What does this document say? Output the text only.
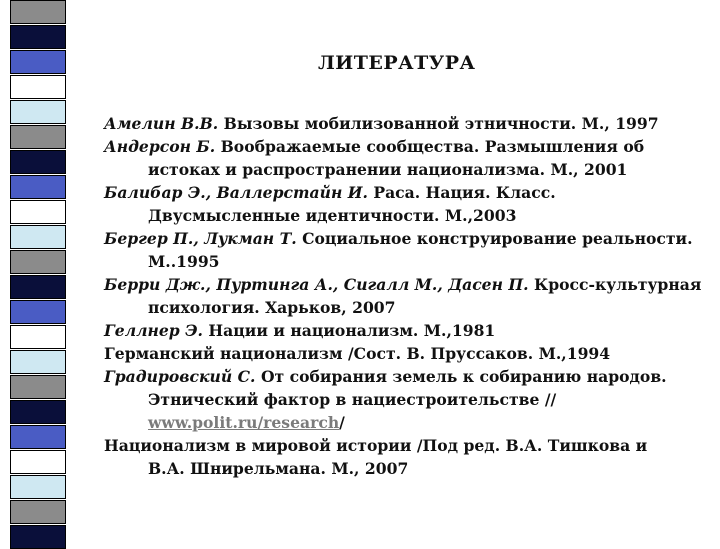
ЛИТЕРАТУРА
Амелин В.В. Вызовы мобилизованной этничности. М., 1997
Андерсон Б. Воображаемые сообщества. Размышления об
истоках и распространении национализма. М., 2001
Балибар Э., Валлерстайн И. Раса. Нация. Класс.
Двусмысленные идентичности. М.,2003
Бергер П., Лукман Т. Социальное конструирование реальности.
М..1995
Берри Дж., Пуртинга А., Сигалл М., Дасен П. Кросс-культурная
психология. Харьков, 2007
Геллнер Э. Нации и национализм. М.,1981
Германский национализм /Сост. В. Пруссаков. М.,1994
Градировский С. От собирания земель к собиранию народов.
Этнический фактор в нациестроительстве //
www.polit.ru/research/
Национализм в мировой истории /Под ред. В.А. Тишкова и
В.А. Шнирельмана. М., 2007
